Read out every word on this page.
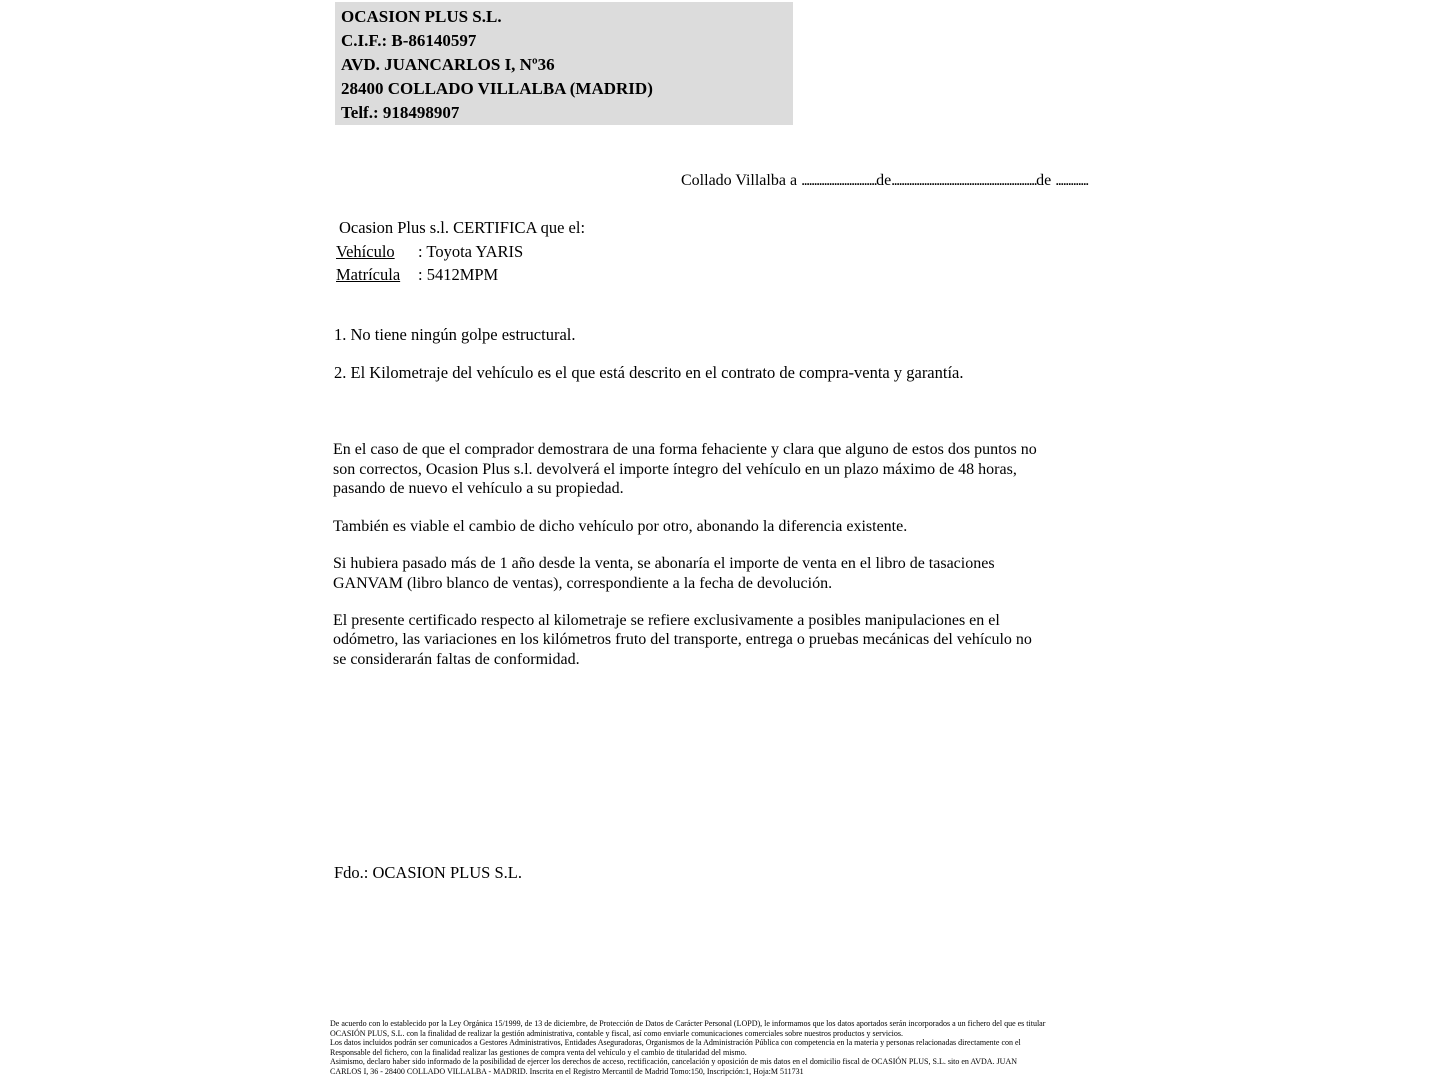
OCASION PLUS S.L.
C.I.F.: B-86140597
AVD. JUANCARLOS I, Nº36
28400 COLLADO VILLALBA (MADRID)
Telf.: 918498907
Collado Villalba a ..............................de..........................................................de .............
Ocasion Plus s.l. CERTIFICA que el:
Vehículo : Toyota YARIS
Matrícula : 5412MPM
1. No tiene ningún golpe estructural.
2. El Kilometraje del vehículo es el que está descrito en el contrato de compra-venta y garantía.

En el caso de que el comprador demostrara de una forma fehaciente y clara que alguno de estos dos puntos no
son correctos, Ocasion Plus s.l. devolverá el importe íntegro del vehículo en un plazo máximo de 48 horas,
pasando de nuevo el vehículo a su propiedad.

También es viable el cambio de dicho vehículo por otro, abonando la diferencia existente.

Si hubiera pasado más de 1 año desde la venta, se abonaría el importe de venta en el libro de tasaciones
GANVAM (libro blanco de ventas), correspondiente a la fecha de devolución.

El presente certificado respecto al kilometraje se refiere exclusivamente a posibles manipulaciones en el
odómetro, las variaciones en los kilómetros fruto del transporte, entrega o pruebas mecánicas del vehículo no
se considerarán faltas de conformidad.

Fdo.: OCASION PLUS S.L.
De acuerdo con lo establecido por la Ley Orgánica 15/1999, de 13 de diciembre, de Protección de Datos de Carácter Personal (LOPD), le informamos que los datos aportados serán incorporados a un fichero del que es titular
OCASIÓN PLUS, S.L. con la finalidad de realizar la gestión administrativa, contable y fiscal, así como enviarle comunicaciones comerciales sobre nuestros productos y servicios.
Los datos incluidos podrán ser comunicados a Gestores Administrativos, Entidades Aseguradoras, Organismos de la Administración Pública con competencia en la materia y personas relacionadas directamente con el
Responsable del fichero, con la finalidad realizar las gestiones de compra venta del vehículo y el cambio de titularidad del mismo.
Asimismo, declaro haber sido informado de la posibilidad de ejercer los derechos de acceso, rectificación, cancelación y oposición de mis datos en el domicilio fiscal de OCASIÓN PLUS, S.L. sito en AVDA. JUAN
CARLOS I, 36 - 28400 COLLADO VILLALBA - MADRID. Inscrita en el Registro Mercantil de Madrid Tomo:150, Inscripción:1, Hoja:M 511731
